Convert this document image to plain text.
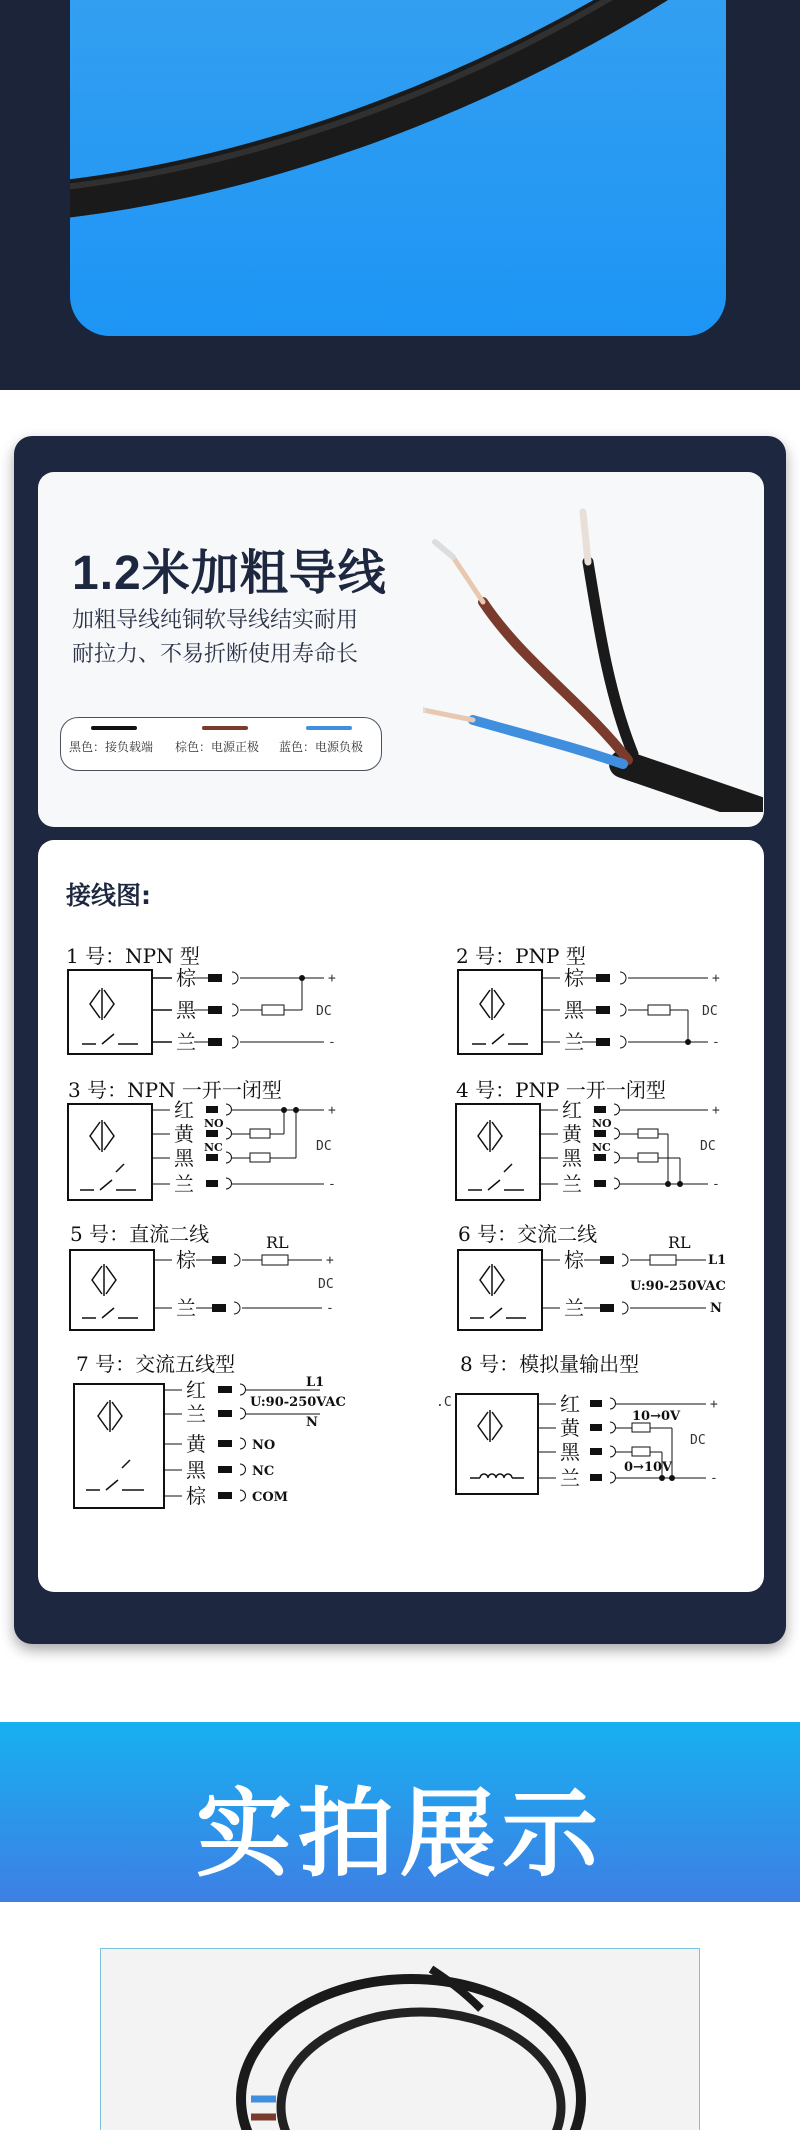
1.2米加粗导线
加粗导线纯铜软导线结实耐用
耐拉力、不易折断使用寿命长
黑色：接负载端	棕色：电源正极	蓝色：电源负极
接线图:
1 号：NPN 型
+
-
棕
黑
兰
DC
2 号：PNP 型
+
-
棕
黑
兰
DC
3 号：NPN 一开一闭型
+
-
红
黄
黑
兰
NO
NC	DC
4 号：PNP 一开一闭型
+
-
红
黄
黑
兰
NO
NC	DC
5 号：直流二线
+
-
棕
兰
RL
DC
6 号：交流二线
棕
兰
RL
L1
U:90-250VAC
N
7 号：交流五线型
红
兰
黄
黑
棕
L1
U:90-250VAC
N
NO
NC
COM
8 号：模拟量输出型
.C	+
-
红
黄
黑
兰
10→0V
0→10V
DC
实拍展示
